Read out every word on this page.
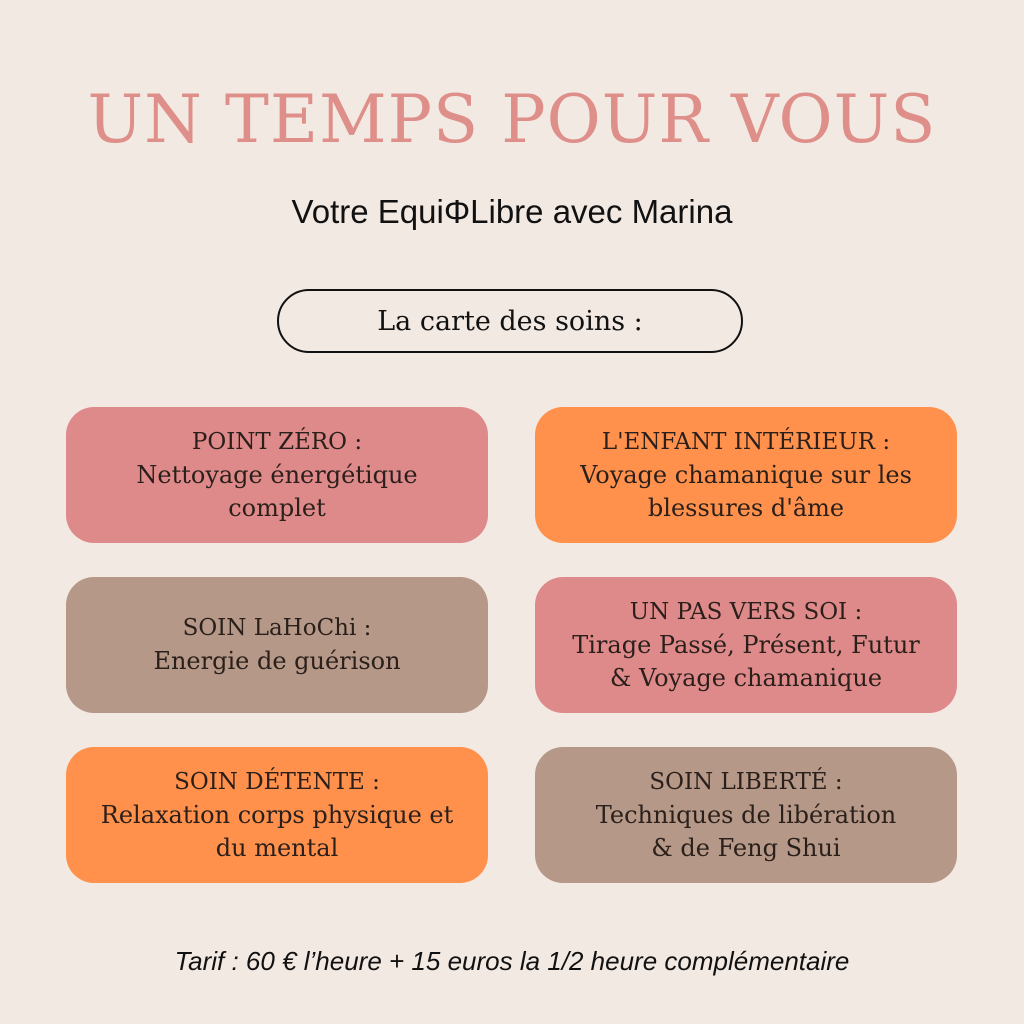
UN TEMPS POUR VOUS
Votre EquiΦLibre avec Marina
La carte des soins :
POINT ZÉRO :
Nettoyage énergétique
complet
L'ENFANT INTÉRIEUR :
Voyage chamanique sur les
blessures d'âme
SOIN LaHoChi :
Energie de guérison
UN PAS VERS SOI :
Tirage Passé, Présent, Futur
& Voyage chamanique
SOIN DÉTENTE :
Relaxation corps physique et
du mental
SOIN LIBERTÉ :
Techniques de libération
& de Feng Shui
Tarif : 60 € l’heure + 15 euros la 1/2 heure complémentaire
